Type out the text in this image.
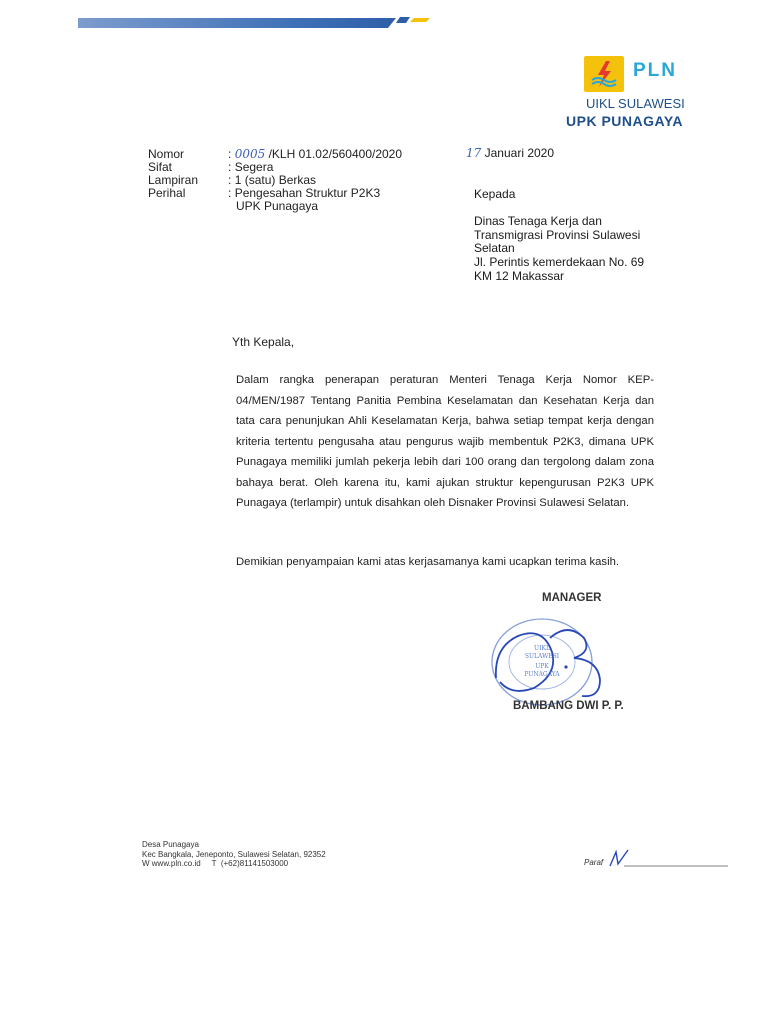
PLN
UIKL SULAWESI
UPK PUNAGAYA
Nomor
Sifat
Lampiran
Perihal
: 0005 /KLH 01.02/560400/2020
: Segera
: 1 (satu) Berkas
: Pengesahan Struktur P2K3
UPK Punagaya
17 Januari 2020
Kepada
Dinas Tenaga Kerja dan
Transmigrasi Provinsi Sulawesi
Selatan
Jl. Perintis kemerdekaan No. 69
KM 12 Makassar
Yth Kepala,
Dalam rangka penerapan peraturan Menteri Tenaga Kerja Nomor KEP-04/MEN/1987 Tentang Panitia Pembina Keselamatan dan Kesehatan Kerja dan tata cara penunjukan Ahli Keselamatan Kerja, bahwa setiap tempat kerja dengan kriteria tertentu pengusaha atau pengurus wajib membentuk P2K3, dimana UPK Punagaya memiliki jumlah pekerja lebih dari 100 orang dan tergolong dalam zona bahaya berat. Oleh karena itu, kami ajukan struktur kepengurusan P2K3 UPK Punagaya (terlampir) untuk disahkan oleh Disnaker Provinsi Sulawesi Selatan.
Demikian penyampaian kami atas kerjasamanya kami ucapkan terima kasih.
MANAGER
UIKL
SULAWESI
UPK
PUNAGAYA
BAMBANG DWI P. P.
Desa Punagaya
Kec Bangkala, Jeneponto, Sulawesi Selatan, 92352
W www.pln.co.id     T  (+62)81141503000	Paraf
